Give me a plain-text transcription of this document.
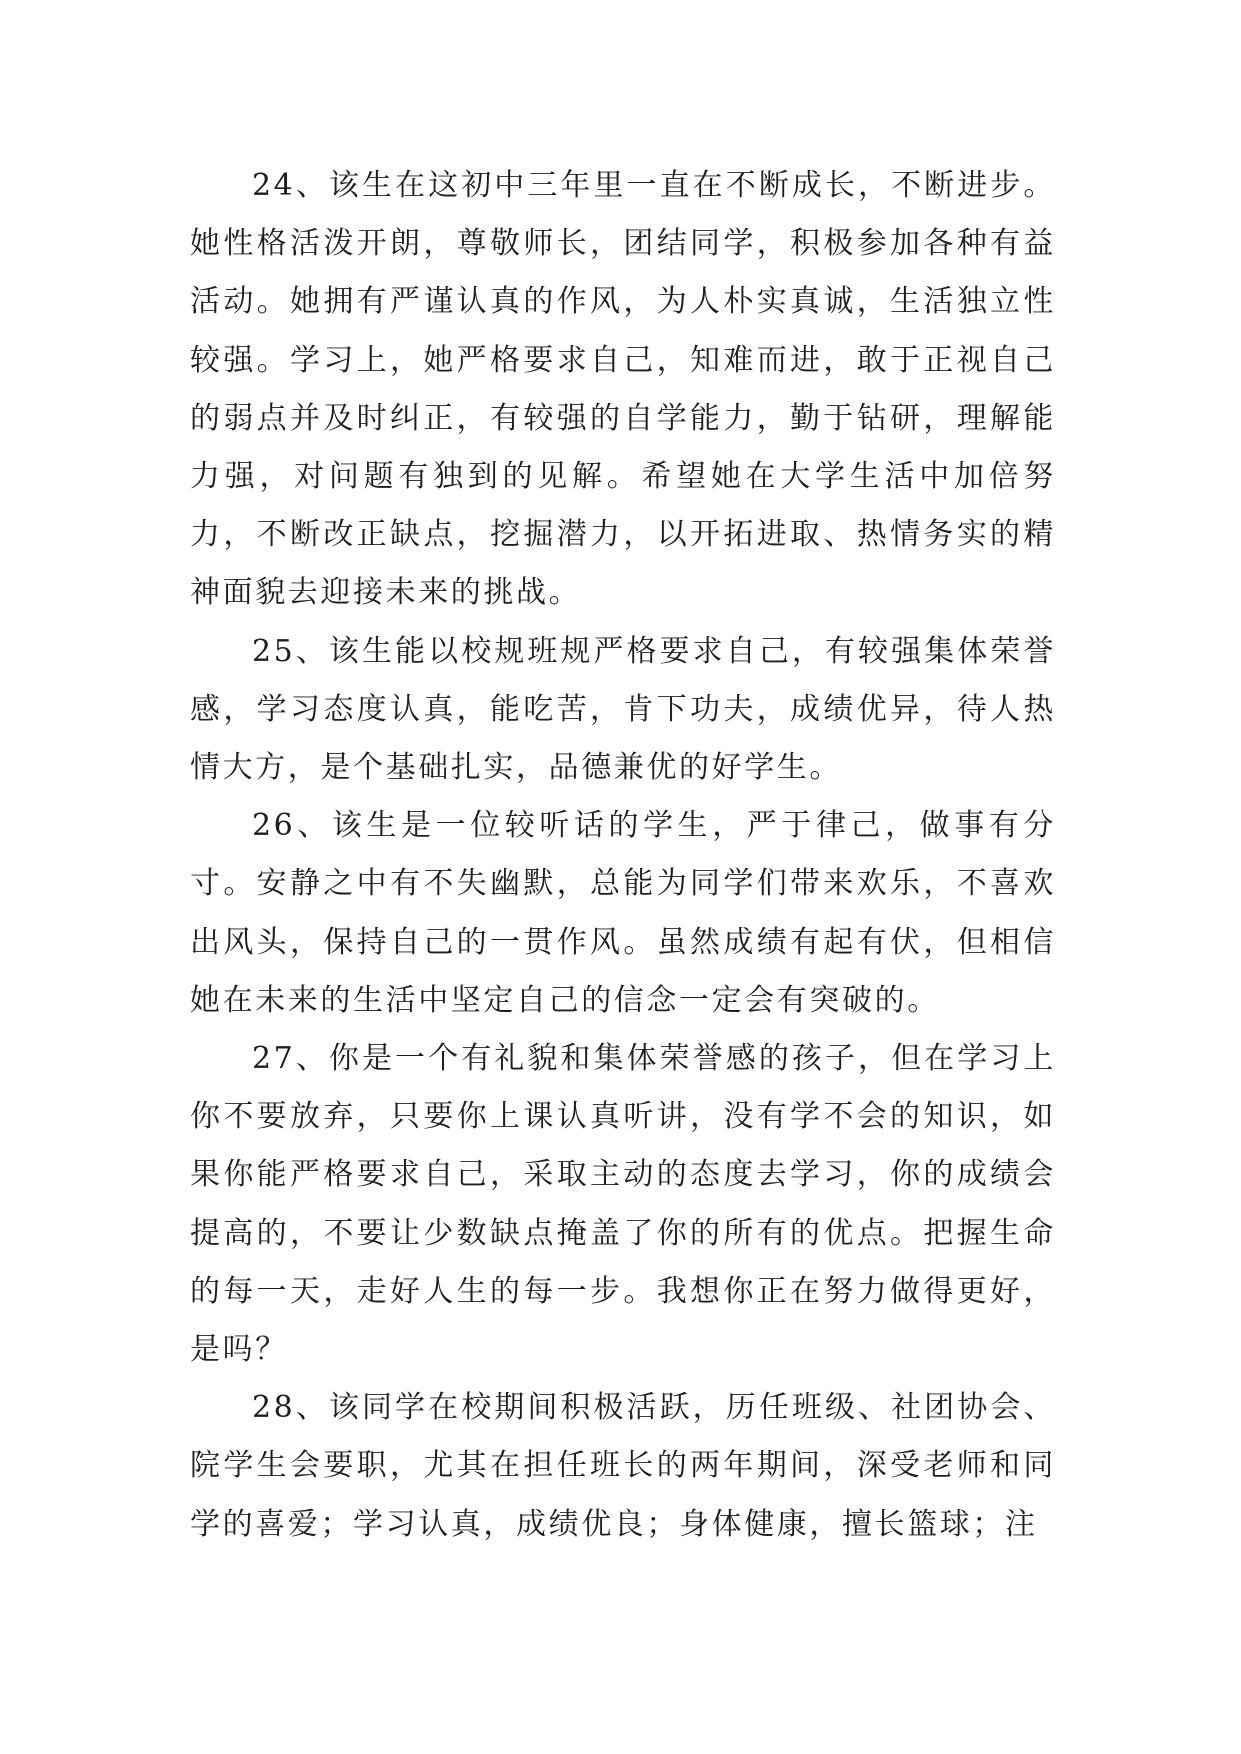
24、该生在这初中三年里一直在不断成长，不断进步。她性格活泼开朗，尊敬师长，团结同学，积极参加各种有益活动。她拥有严谨认真的作风，为人朴实真诚，生活独立性较强。学习上，她严格要求自己，知难而进，敢于正视自己的弱点并及时纠正，有较强的自学能力，勤于钻研，理解能力强，对问题有独到的见解。希望她在大学生活中加倍努力，不断改正缺点，挖掘潜力，以开拓进取、热情务实的精神面貌去迎接未来的挑战。

25、该生能以校规班规严格要求自己，有较强集体荣誉感，学习态度认真，能吃苦，肯下功夫，成绩优异，待人热情大方，是个基础扎实，品德兼优的好学生。

26、该生是一位较听话的学生，严于律己，做事有分寸。安静之中有不失幽默，总能为同学们带来欢乐，不喜欢出风头，保持自己的一贯作风。虽然成绩有起有伏，但相信她在未来的生活中坚定自己的信念一定会有突破的。

27、你是一个有礼貌和集体荣誉感的孩子，但在学习上你不要放弃，只要你上课认真听讲，没有学不会的知识，如果你能严格要求自己，采取主动的态度去学习，你的成绩会提高的，不要让少数缺点掩盖了你的所有的优点。把握生命的每一天，走好人生的每一步。我想你正在努力做得更好，是吗？

28、该同学在校期间积极活跃，历任班级、社团协会、院学生会要职，尤其在担任班长的两年期间，深受老师和同学的喜爱；学习认真，成绩优良；身体健康，擅长篮球；注
